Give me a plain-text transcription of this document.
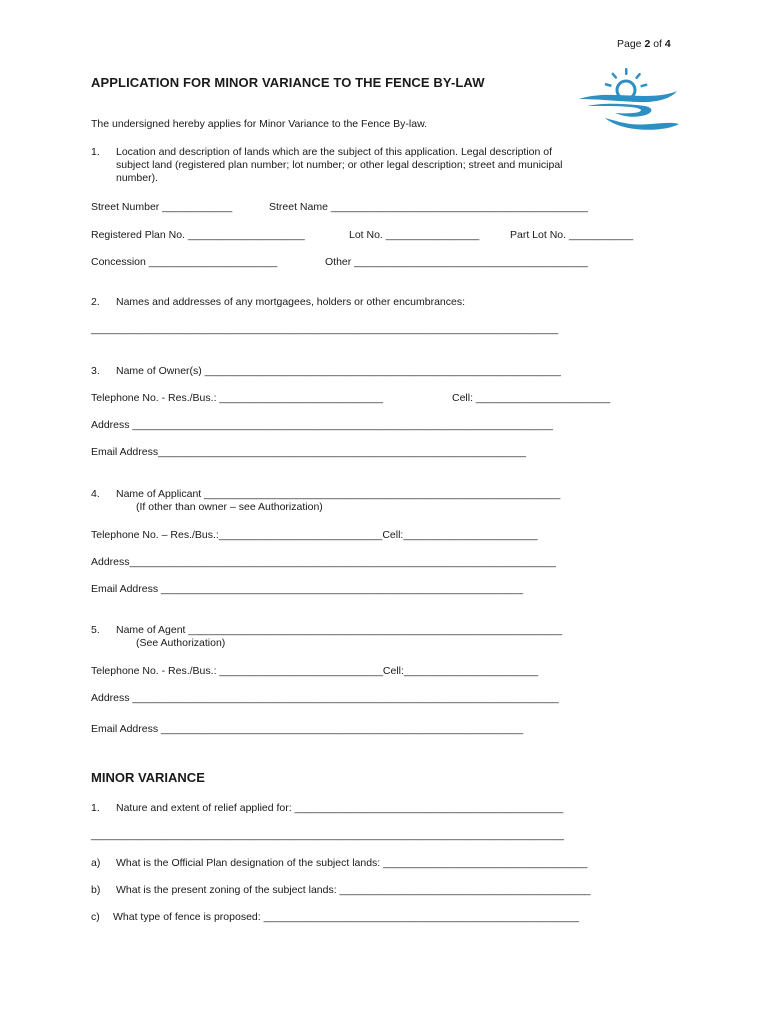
Page 2 of 4
APPLICATION FOR MINOR VARIANCE TO THE FENCE BY-LAW
The undersigned hereby applies for Minor Variance to the Fence By-law.
1. Location and description of lands which are the subject of this application. Legal description of
subject land (registered plan number; lot number; or other legal description; street and municipal
number).
Street Number ____________	Street Name ____________________________________________
Registered Plan No. ____________________	Lot No. ________________	Part Lot No. ___________
Concession ______________________	Other ________________________________________
2. Names and addresses of any mortgagees, holders or other encumbrances:
________________________________________________________________________________
3. Name of Owner(s) _____________________________________________________________
Telephone No. - Res./Bus.: ____________________________	Cell: _______________________
Address ________________________________________________________________________
Email Address_______________________________________________________________
4. Name of Applicant _____________________________________________________________
(If other than owner – see Authorization)
Telephone No. – Res./Bus.:____________________________Cell:_______________________
Address_________________________________________________________________________
Email Address ______________________________________________________________
5. Name of Agent ________________________________________________________________
(See Authorization)
Telephone No. - Res./Bus.: ____________________________Cell:_______________________
Address _________________________________________________________________________
Email Address ______________________________________________________________
MINOR VARIANCE
1. Nature and extent of relief applied for: ______________________________________________
_________________________________________________________________________________
a) What is the Official Plan designation of the subject lands: ___________________________________
b) What is the present zoning of the subject lands: ___________________________________________
c) What type of fence is proposed: ______________________________________________________
